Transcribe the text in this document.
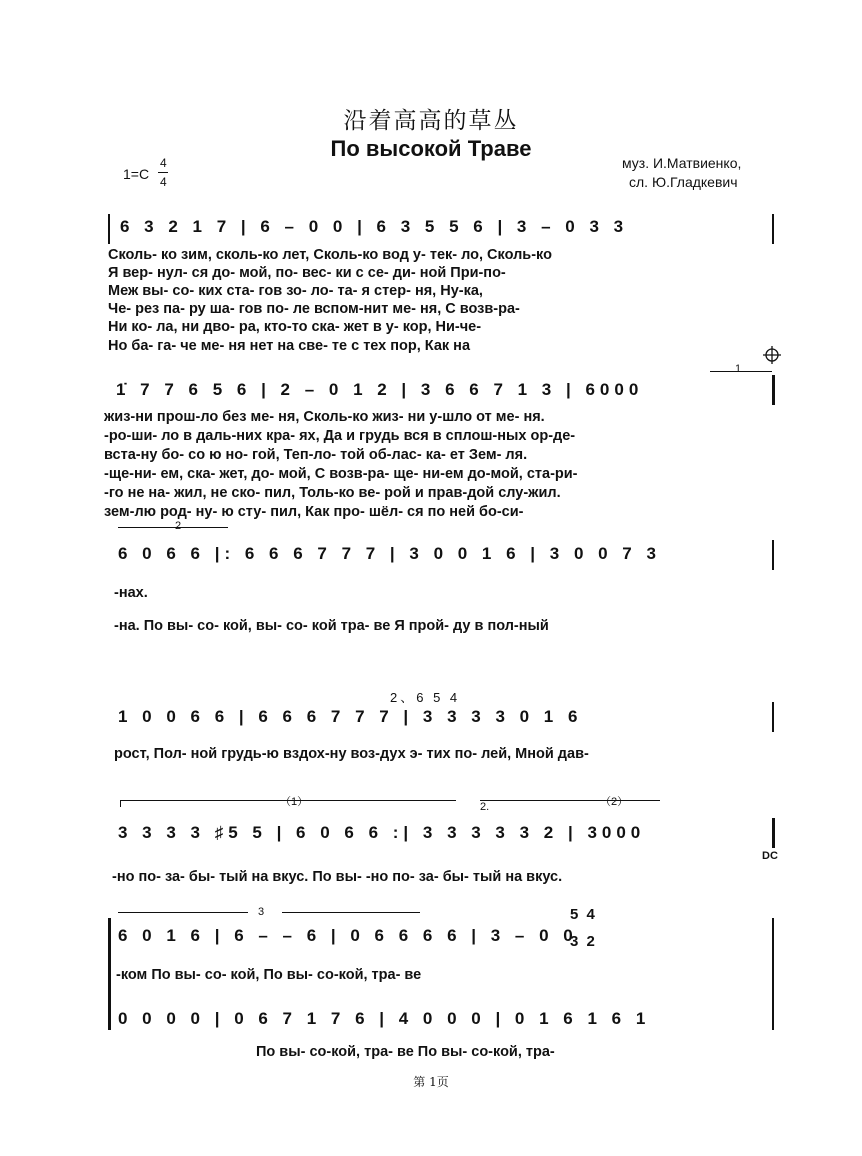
沿着高高的草丛
По высокой Траве
1=C
4
4
муз. И.Матвиенко,
сл. Ю.Гладкевич
6 3 2 1 7 | 6 – 0 0 | 6 3 5 5 6 | 3 – 0 3 3
Сколь- ко зим, сколь-ко лет, Сколь-ко вод у- тек- ло, Сколь-ко
Я вер- нул- ся до- мой, по- вес- ки с се- ди- ной При-по-
Меж вы- со- ких ста- гов зо- ло- та- я стер- ня, Ну-ка,
Че- рез па- ру ша- гов по- ле вспом-нит ме- ня, С возв-ра-
Ни ко- ла, ни дво- ра, кто-то ска- жет в у- кор, Ни-че-
Но ба- га- че ме- ня нет на све- те с тех пор, Как на
1
1̇ 7 7 6 5 6 | 2 – 0 1 2 | 3 6 6 7 1 3 | 6000
жиз-ни прош-ло без ме- ня, Сколь-ко жиз- ни у-шло от ме- ня.
-ро-ши- ло в даль-них кра- ях, Да и грудь вся в сплош-ных ор-де-
вста-ну бо- со ю но- гой, Теп-ло- той об-лас- ка- ет Зем- ля.
-ще-ни- ем, ска- жет, до- мой, С возв-ра- ще- ни-ем до-мой, ста-ри-
-го не на- жил, не ско- пил, Толь-ко ве- рой и прав-дой слу-жил.
зем-лю род- ну- ю сту- пил, Как про- шёл- ся по ней бо-си-
2
6 0 6 6 |: 6 6 6 7 7 7 | 3 0 0 1 6 | 3 0 0 7 3
-нах.
-на. По вы- со- кой, вы- со- кой тра- ве Я прой- ду в пол-ный
2、6 5 4
1 0 0 6 6 | 6 6 6 7 7 7 | 3 3 3 3 0 1 6
рост, Пол- ной грудь-ю вздох-ну воз-дух э- тих по- лей, Мной дав-
（1）	2.	（2）
3 3 3 3 ♯5 5 | 6 0 6 6 :| 3 3 3 3 3 2 | 3000
DC
-но по- за- бы- тый на вкус. По вы- -но по- за- бы- тый на вкус.
3
6 0 1 6 | 6 – – 6 | 0 6 6 6 6 | 3 – 0 0
5 4
3 2
-ком По вы- со- кой, По вы- со-кой, тра- ве
0 0 0 0 | 0 6 7 1 7 6 | 4 0 0 0 | 0 1 6 1 6 1
По вы- со-кой, тра- ве По вы- со-кой, тра-
第 1页
